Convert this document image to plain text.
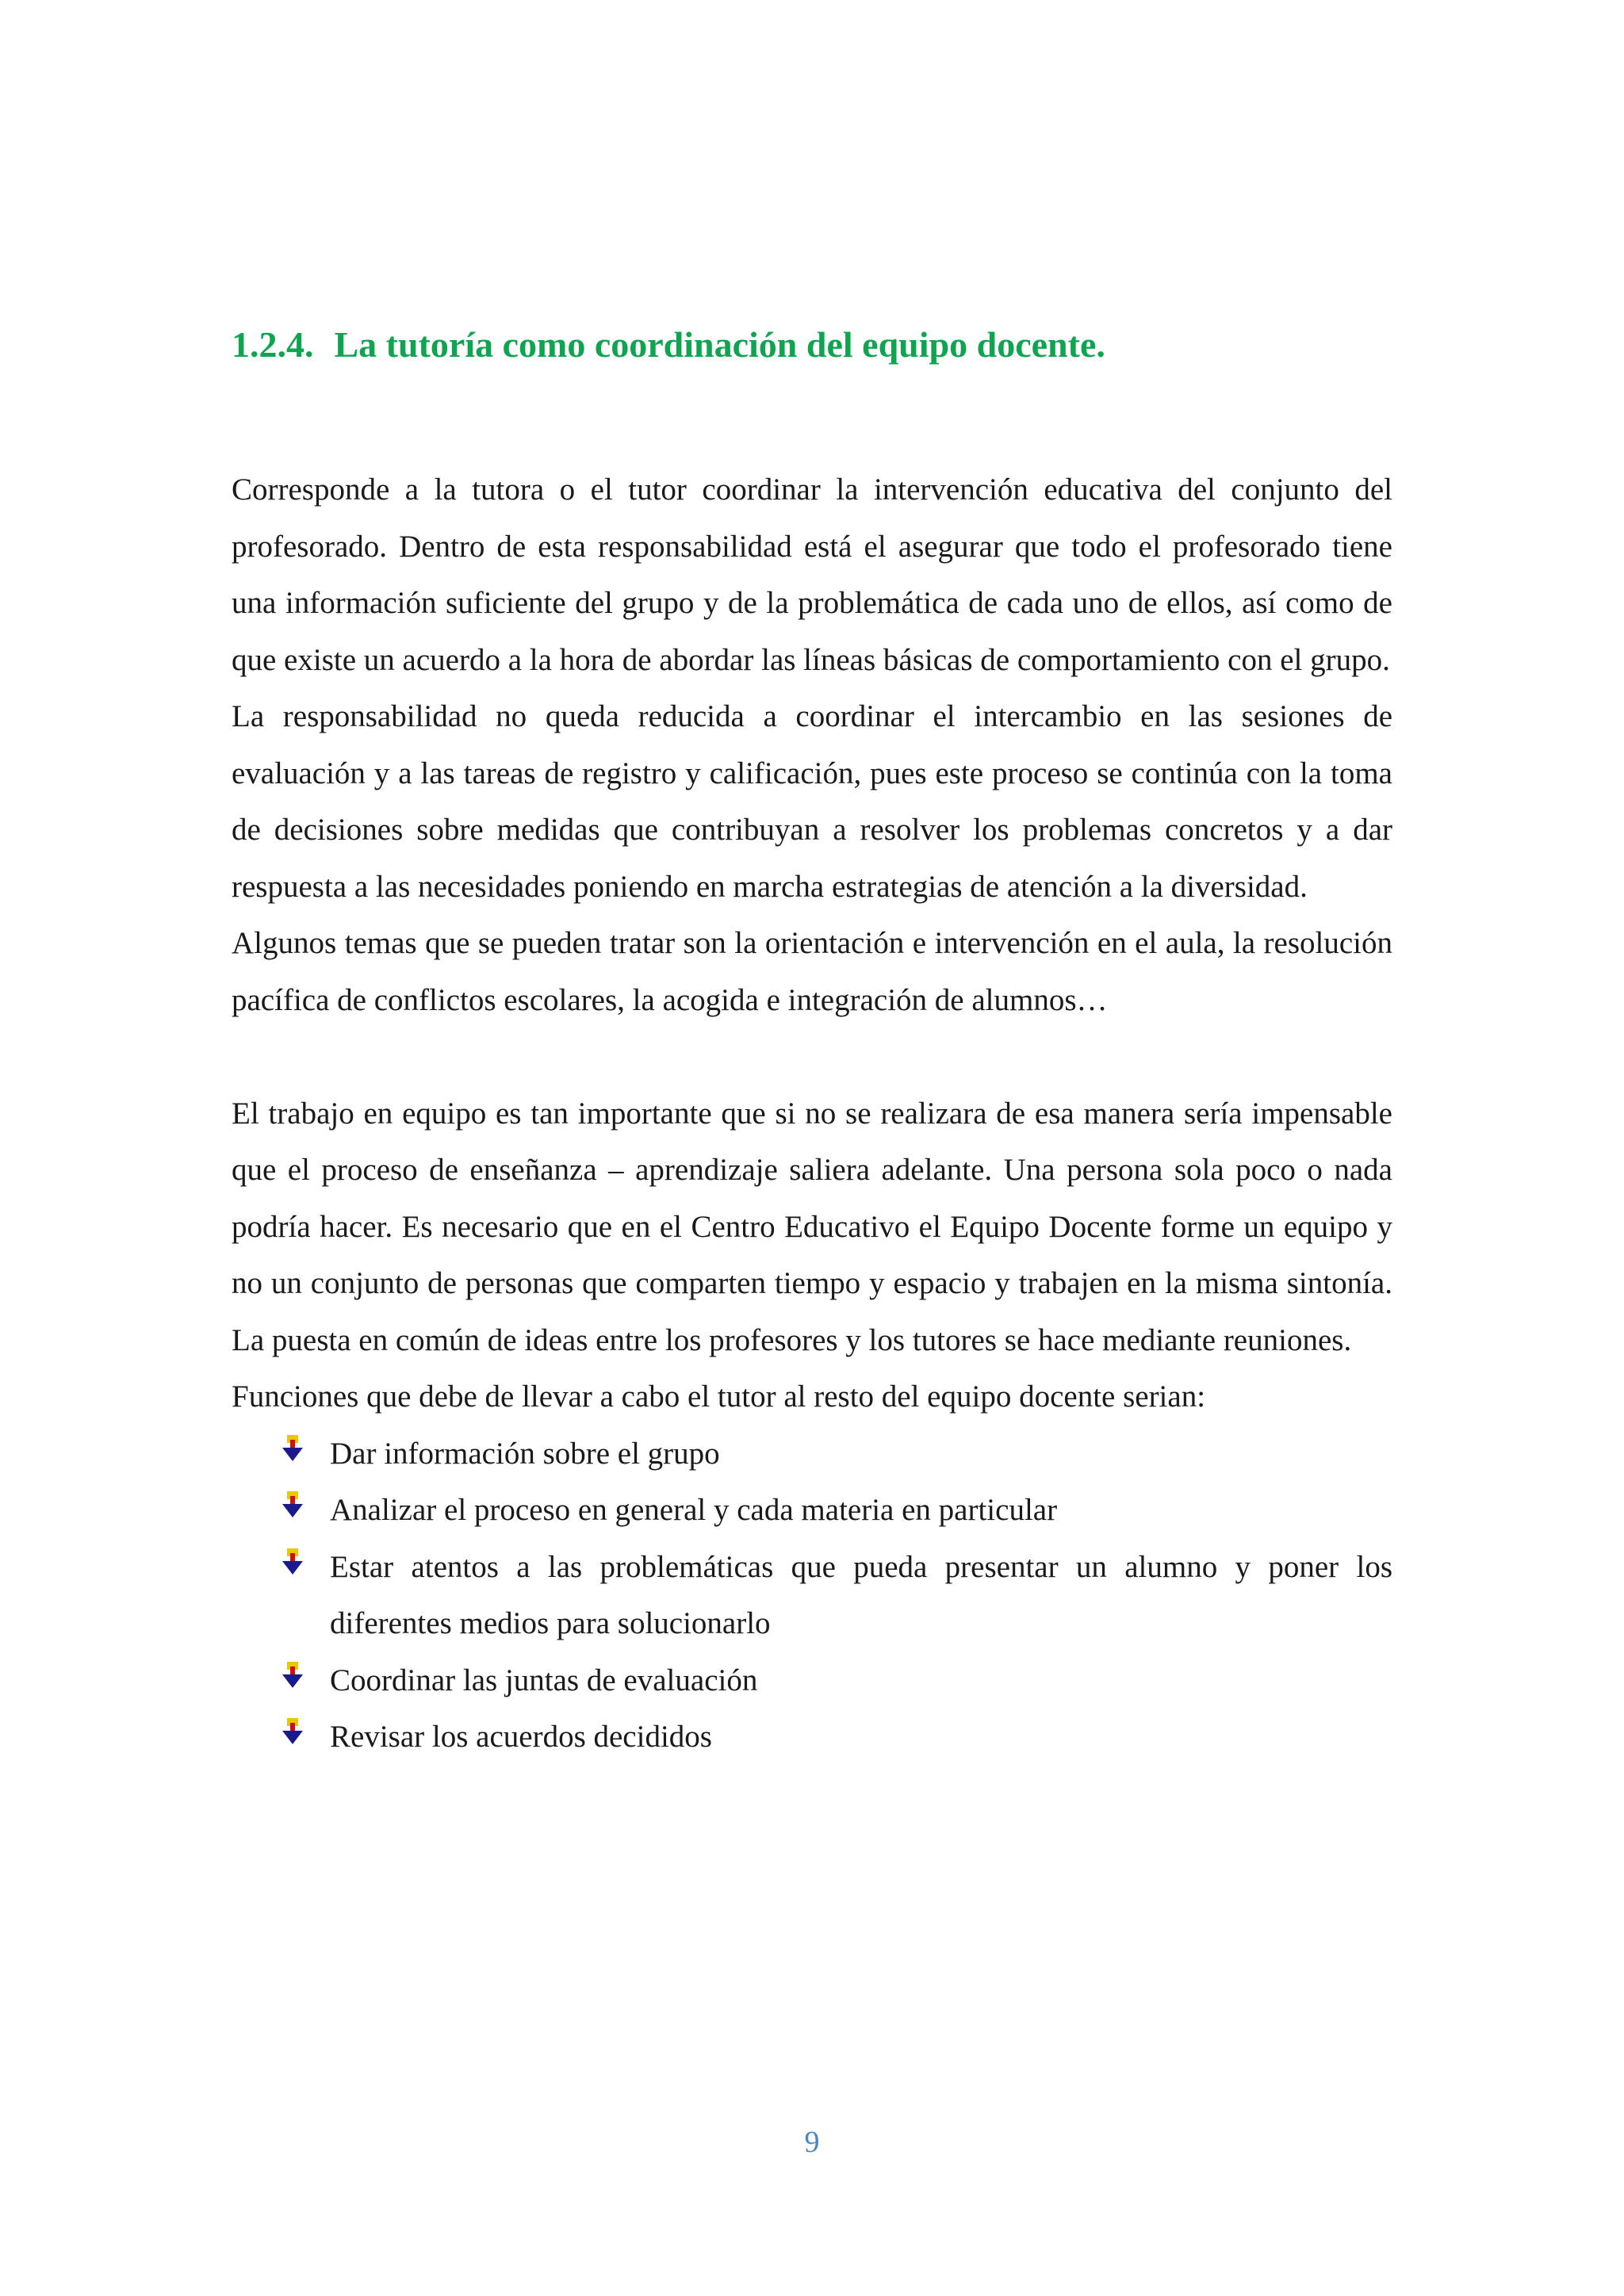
1.2.4. La tutoría como coordinación del equipo docente.

Corresponde a la tutora o el tutor coordinar la intervención educativa del conjunto del profesorado. Dentro de esta responsabilidad está el asegurar que todo el profesorado tiene una información suficiente del grupo y de la problemática de cada uno de ellos, así como de que existe un acuerdo a la hora de abordar las líneas básicas de comportamiento con el grupo.

La responsabilidad no queda reducida a coordinar el intercambio en las sesiones de evaluación y a las tareas de registro y calificación, pues este proceso se continúa con la toma de decisiones sobre medidas que contribuyan a resolver los problemas concretos y a dar respuesta a las necesidades poniendo en marcha estrategias de atención a la diversidad.

Algunos temas que se pueden tratar son la orientación e intervención en el aula, la resolución pacífica de conflictos escolares, la acogida e integración de alumnos…

El trabajo en equipo es tan importante que si no se realizara de esa manera sería impensable que el proceso de enseñanza – aprendizaje saliera adelante. Una persona sola poco o nada podría hacer. Es necesario que en el Centro Educativo el Equipo Docente forme un equipo y no un conjunto de personas que comparten tiempo y espacio y trabajen en la misma sintonía. La puesta en común de ideas entre los profesores y los tutores se hace mediante reuniones.

Funciones que debe de llevar a cabo el tutor al resto del equipo docente serian:

Dar información sobre el grupo
Analizar el proceso en general y cada materia en particular
Estar atentos a las problemáticas que pueda presentar un alumno y poner los diferentes medios para solucionarlo
Coordinar las juntas de evaluación
Revisar los acuerdos decididos
9
